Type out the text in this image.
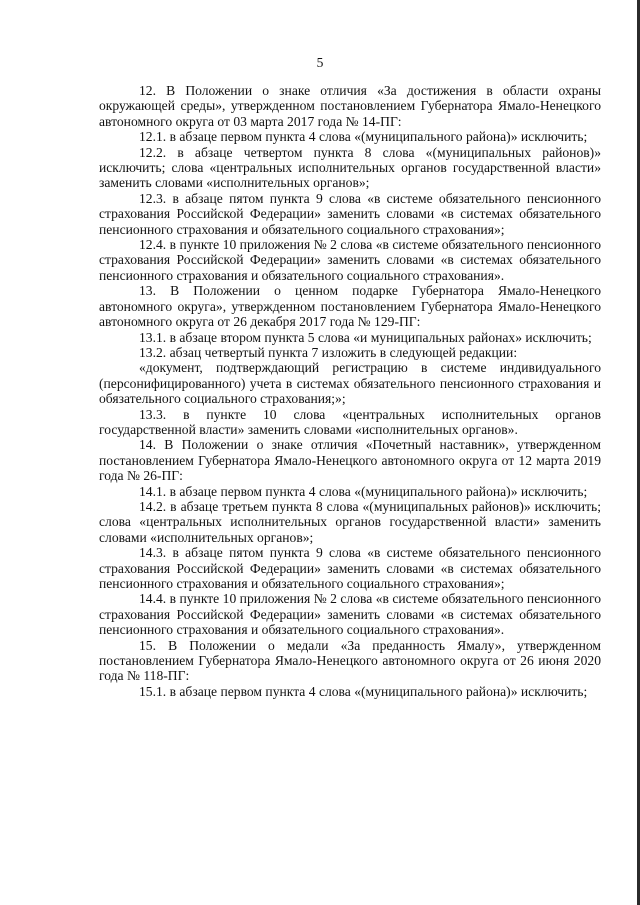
5

12. В Положении о знаке отличия «За достижения в области охраны окружающей среды», утвержденном постановлением Губернатора Ямало-Ненецкого автономного округа от 03 марта 2017 года № 14-ПГ:

12.1. в абзаце первом пункта 4 слова «(муниципального района)» исключить;

12.2. в абзаце четвертом пункта 8 слова «(муниципальных районов)» исключить; слова «центральных исполнительных органов государственной власти» заменить словами «исполнительных органов»;

12.3. в абзаце пятом пункта 9 слова «в системе обязательного пенсионного страхования Российской Федерации» заменить словами «в системах обязательного пенсионного страхования и обязательного социального страхования»;

12.4. в пункте 10 приложения № 2 слова «в системе обязательного пенсионного страхования Российской Федерации» заменить словами «в системах обязательного пенсионного страхования и обязательного социального страхования».

13. В Положении о ценном подарке Губернатора Ямало-Ненецкого автономного округа», утвержденном постановлением Губернатора Ямало-Ненецкого автономного округа от 26 декабря 2017 года № 129-ПГ:

13.1. в абзаце втором пункта 5 слова «и муниципальных районах» исключить;

13.2. абзац четвертый пункта 7 изложить в следующей редакции:

«документ, подтверждающий регистрацию в системе индивидуального (персонифицированного) учета в системах обязательного пенсионного страхования и обязательного социального страхования;»;

13.3. в пункте 10 слова «центральных исполнительных органов государственной власти» заменить словами «исполнительных органов».

14. В Положении о знаке отличия «Почетный наставник», утвержденном постановлением Губернатора Ямало-Ненецкого автономного округа от 12 марта 2019 года № 26-ПГ:

14.1. в абзаце первом пункта 4 слова «(муниципального района)» исключить;

14.2. в абзаце третьем пункта 8 слова «(муниципальных районов)» исключить; слова «центральных исполнительных органов государственной власти» заменить словами «исполнительных органов»;

14.3. в абзаце пятом пункта 9 слова «в системе обязательного пенсионного страхования Российской Федерации» заменить словами «в системах обязательного пенсионного страхования и обязательного социального страхования»;

14.4. в пункте 10 приложения № 2 слова «в системе обязательного пенсионного страхования Российской Федерации» заменить словами «в системах обязательного пенсионного страхования и обязательного социального страхования».

15. В Положении о медали «За преданность Ямалу», утвержденном постановлением Губернатора Ямало-Ненецкого автономного округа от 26 июня 2020 года № 118-ПГ:

15.1. в абзаце первом пункта 4 слова «(муниципального района)» исключить;
